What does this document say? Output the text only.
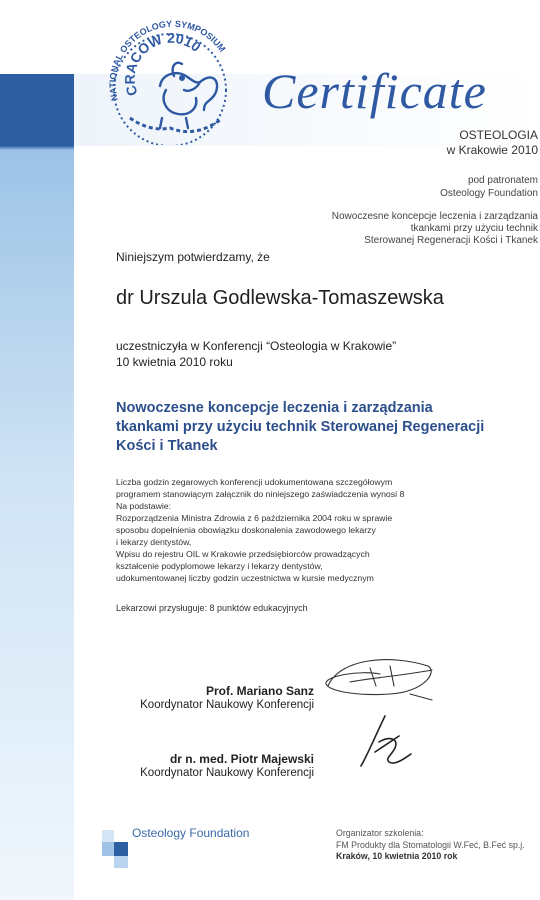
NATIONAL OSTEOLOGY SYMPOSIUM
CRACOW 2010
Certificate
OSTEOLOGIA
w Krakowie 2010
pod patronatem
Osteology Foundation
Nowoczesne koncepcje leczenia i zarządzania
tkankami przy użyciu technik
Sterowanej Regeneracji Kości i Tkanek
Niniejszym potwierdzamy, że
dr Urszula Godlewska-Tomaszewska
uczestniczyła w Konferencji “Osteologia w Krakowie”
10 kwietnia 2010 roku
Nowoczesne koncepcje leczenia i zarządzania
tkankami przy użyciu technik Sterowanej Regeneracji
Kości i Tkanek
Liczba godzin zegarowych konferencji udokumentowana szczegółowym
programem stanowiącym załącznik do niniejszego zaświadczenia wynosi 8
Na podstawie:
Rozporządzenia Ministra Zdrowia z 6 października 2004 roku w sprawie
sposobu dopełnienia obowiązku doskonalenia zawodowego lekarzy
i lekarzy dentystów,
Wpisu do rejestru OIL w Krakowie przedsiębiorców prowadzących
kształcenie podyplomowe lekarzy i lekarzy dentystów,
udokumentowanej liczby godzin uczestnictwa w kursie medycznym
Lekarzowi przysługuje: 8 punktów edukacyjnych
Prof. Mariano Sanz
Koordynator Naukowy Konferencji
dr n. med. Piotr Majewski
Koordynator Naukowy Konferencji
Osteology Foundation	Organizator szkolenia:
FM Produkty dla Stomatologii W.Feć, B.Feć sp.j.
Kraków, 10 kwietnia 2010 rok
